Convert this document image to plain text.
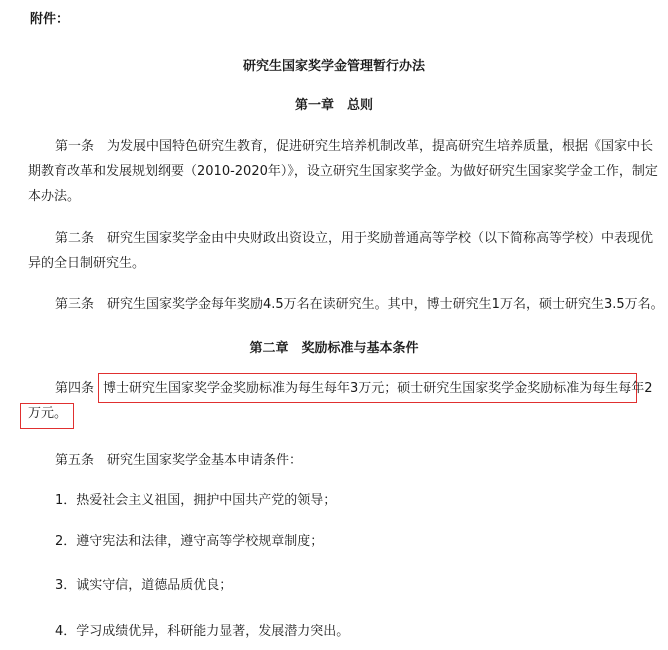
附件：
研究生国家奖学金管理暂行办法
第一章　总则
第一条　为发展中国特色研究生教育，促进研究生培养机制改革，提高研究生培养质量，根据《国家中长
期教育改革和发展规划纲要（2010-2020年）》，设立研究生国家奖学金。为做好研究生国家奖学金工作，制定
本办法。
第二条　研究生国家奖学金由中央财政出资设立，用于奖励普通高等学校（以下简称高等学校）中表现优
异的全日制研究生。
第三条　研究生国家奖学金每年奖励4.5万名在读研究生。其中，博士研究生1万名，硕士研究生3.5万名。
第二章　奖励标准与基本条件
第四条 博士研究生国家奖学金奖励标准为每生每年3万元；硕士研究生国家奖学金奖励标准为每生每年2
万元。
第五条　研究生国家奖学金基本申请条件：
1．热爱社会主义祖国，拥护中国共产党的领导；
2．遵守宪法和法律，遵守高等学校规章制度；
3．诚实守信，道德品质优良；
4．学习成绩优异，科研能力显著，发展潜力突出。
